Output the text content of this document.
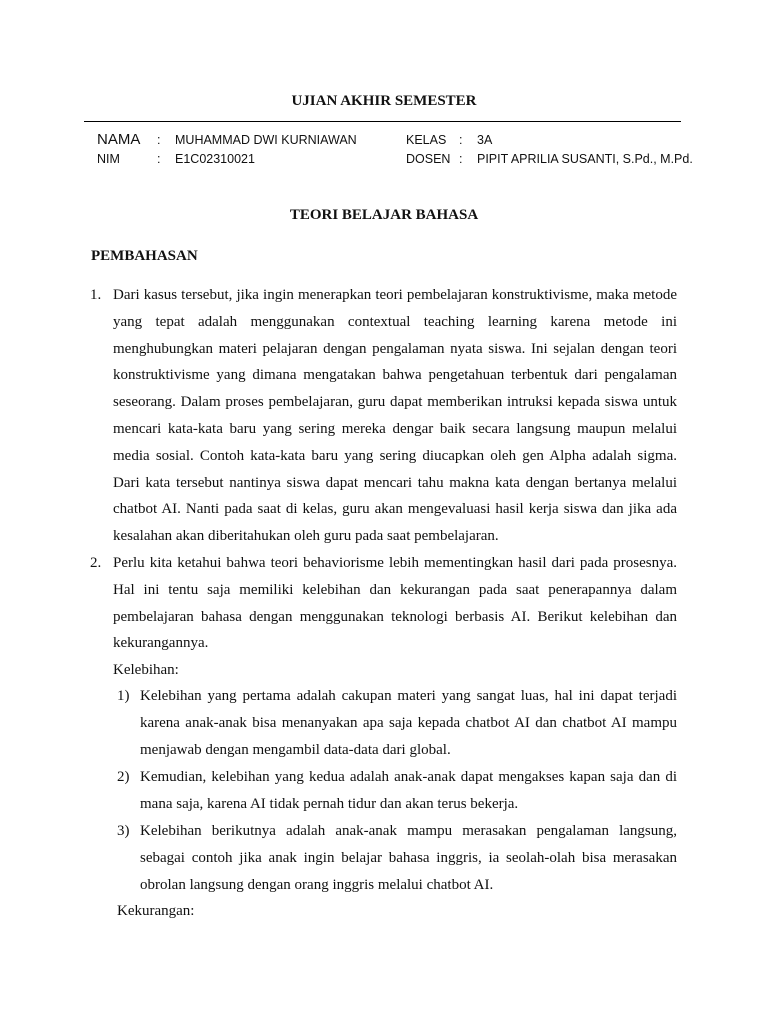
UJIAN AKHIR SEMESTER
NAMA : MUHAMMAD DWI KURNIAWAN	KELAS : 3A
NIM	: E1C02310021	DOSEN : PIPIT APRILIA SUSANTI, S.Pd., M.Pd.
TEORI BELAJAR BAHASA
PEMBAHASAN
1. Dari kasus tersebut, jika ingin menerapkan teori pembelajaran konstruktivisme, maka metode yang tepat adalah menggunakan contextual teaching learning karena metode ini menghubungkan materi pelajaran dengan pengalaman nyata siswa. Ini sejalan dengan teori konstruktivisme yang dimana mengatakan bahwa pengetahuan terbentuk dari pengalaman seseorang. Dalam proses pembelajaran, guru dapat memberikan intruksi kepada siswa untuk mencari kata-kata baru yang sering mereka dengar baik secara langsung maupun melalui media sosial. Contoh kata-kata baru yang sering diucapkan oleh gen Alpha adalah sigma. Dari kata tersebut nantinya siswa dapat mencari tahu makna kata dengan bertanya melalui chatbot AI. Nanti pada saat di kelas, guru akan mengevaluasi hasil kerja siswa dan jika ada kesalahan akan diberitahukan oleh guru pada saat pembelajaran.

2. Perlu kita ketahui bahwa teori behaviorisme lebih mementingkan hasil dari pada prosesnya. Hal ini tentu saja memiliki kelebihan dan kekurangan pada saat penerapannya dalam pembelajaran bahasa dengan menggunakan teknologi berbasis AI. Berikut kelebihan dan kekurangannya.

Kelebihan:
1) Kelebihan yang pertama adalah cakupan materi yang sangat luas, hal ini dapat terjadi karena anak-anak bisa menanyakan apa saja kepada chatbot AI dan chatbot AI mampu menjawab dengan mengambil data-data dari global.

2) Kemudian, kelebihan yang kedua adalah anak-anak dapat mengakses kapan saja dan di mana saja, karena AI tidak pernah tidur dan akan terus bekerja.

3) Kelebihan berikutnya adalah anak-anak mampu merasakan pengalaman langsung, sebagai contoh jika anak ingin belajar bahasa inggris, ia seolah-olah bisa merasakan obrolan langsung dengan orang inggris melalui chatbot AI.

Kekurangan:
